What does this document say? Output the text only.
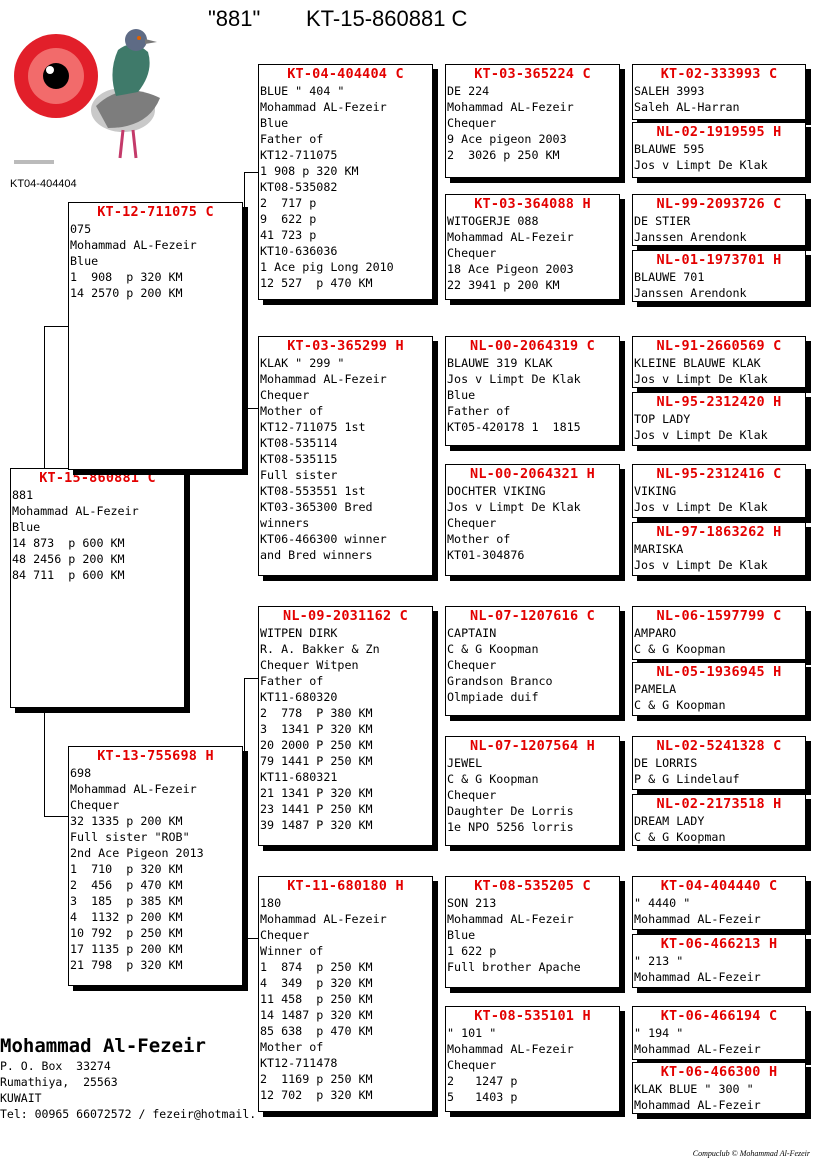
"881" KT-15-860881 C
KT04-404404
KT-15-860881 C
881
Mohammad AL-Fezeir
Blue
14 873  p 600 KM
48 2456 p 200 KM
84 711  p 600 KM
KT-12-711075 C
075
Mohammad AL-Fezeir
Blue
1  908  p 320 KM
14 2570 p 200 KM
KT-13-755698 H
698
Mohammad AL-Fezeir
Chequer
32 1335 p 200 KM
Full sister "ROB"
2nd Ace Pigeon 2013
1  710  p 320 KM
2  456  p 470 KM
3  185  p 385 KM
4  1132 p 200 KM
10 792  p 250 KM
17 1135 p 200 KM
21 798  p 320 KM
KT-04-404404 C
BLUE " 404 "
Mohammad AL-Fezeir
Blue
Father of
KT12-711075
1 908 p 320 KM
KT08-535082
2  717 p
9  622 p
41 723 p
KT10-636036
1 Ace pig Long 2010
12 527  p 470 KM
KT-03-365299 H
KLAK " 299 "
Mohammad AL-Fezeir
Chequer
Mother of
KT12-711075 1st
KT08-535114
KT08-535115
Full sister
KT08-553551 1st
KT03-365300 Bred
winners
KT06-466300 winner
and Bred winners
NL-09-2031162 C
WITPEN DIRK
R. A. Bakker & Zn
Chequer Witpen
Father of
KT11-680320
2  778  P 380 KM
3  1341 P 320 KM
20 2000 P 250 KM
79 1441 P 250 KM
KT11-680321
21 1341 P 320 KM
23 1441 P 250 KM
39 1487 P 320 KM
KT-11-680180 H
180
Mohammad AL-Fezeir
Chequer
Winner of
1  874  p 250 KM
4  349  p 320 KM
11 458  p 250 KM
14 1487 p 320 KM
85 638  p 470 KM
Mother of
KT12-711478
2  1169 p 250 KM
12 702  p 320 KM
KT-03-365224 C
DE 224
Mohammad AL-Fezeir
Chequer
9 Ace pigeon 2003
2  3026 p 250 KM
KT-03-364088 H
WITOGERJE 088
Mohammad AL-Fezeir
Chequer
18 Ace Pigeon 2003
22 3941 p 200 KM
NL-00-2064319 C
BLAUWE 319 KLAK
Jos v Limpt De Klak
Blue
Father of
KT05-420178 1  1815
NL-00-2064321 H
DOCHTER VIKING
Jos v Limpt De Klak
Chequer
Mother of
KT01-304876
NL-07-1207616 C
CAPTAIN
C & G Koopman
Chequer
Grandson Branco
Olmpiade duif
NL-07-1207564 H
JEWEL
C & G Koopman
Chequer
Daughter De Lorris
1e NPO 5256 lorris
KT-08-535205 C
SON 213
Mohammad AL-Fezeir
Blue
1 622 p
Full brother Apache
KT-08-535101 H
" 101 "
Mohammad AL-Fezeir
Chequer
2   1247 p
5   1403 p
KT-02-333993 C
SALEH 3993
Saleh AL-Harran
NL-02-1919595 H
BLAUWE 595
Jos v Limpt De Klak
NL-99-2093726 C
DE STIER
Janssen Arendonk
NL-01-1973701 H
BLAUWE 701
Janssen Arendonk
NL-91-2660569 C
KLEINE BLAUWE KLAK
Jos v Limpt De Klak
NL-95-2312420 H
TOP LADY
Jos v Limpt De Klak
NL-95-2312416 C
VIKING
Jos v Limpt De Klak
NL-97-1863262 H
MARISKA
Jos v Limpt De Klak
NL-06-1597799 C
AMPARO
C & G Koopman
NL-05-1936945 H
PAMELA
C & G Koopman
NL-02-5241328 C
DE LORRIS
P & G Lindelauf
NL-02-2173518 H
DREAM LADY
C & G Koopman
KT-04-404440 C
" 4440 "
Mohammad AL-Fezeir
KT-06-466213 H
" 213 "
Mohammad AL-Fezeir
KT-06-466194 C
" 194 "
Mohammad AL-Fezeir
KT-06-466300 H
KLAK BLUE " 300 "
Mohammad AL-Fezeir
Mohammad Al-Fezeir
P. O. Box  33274
Rumathiya,  25563
KUWAIT
Tel: 00965 66072572 / fezeir@hotmail.
Compuclub © Mohammad Al-Fezeir
